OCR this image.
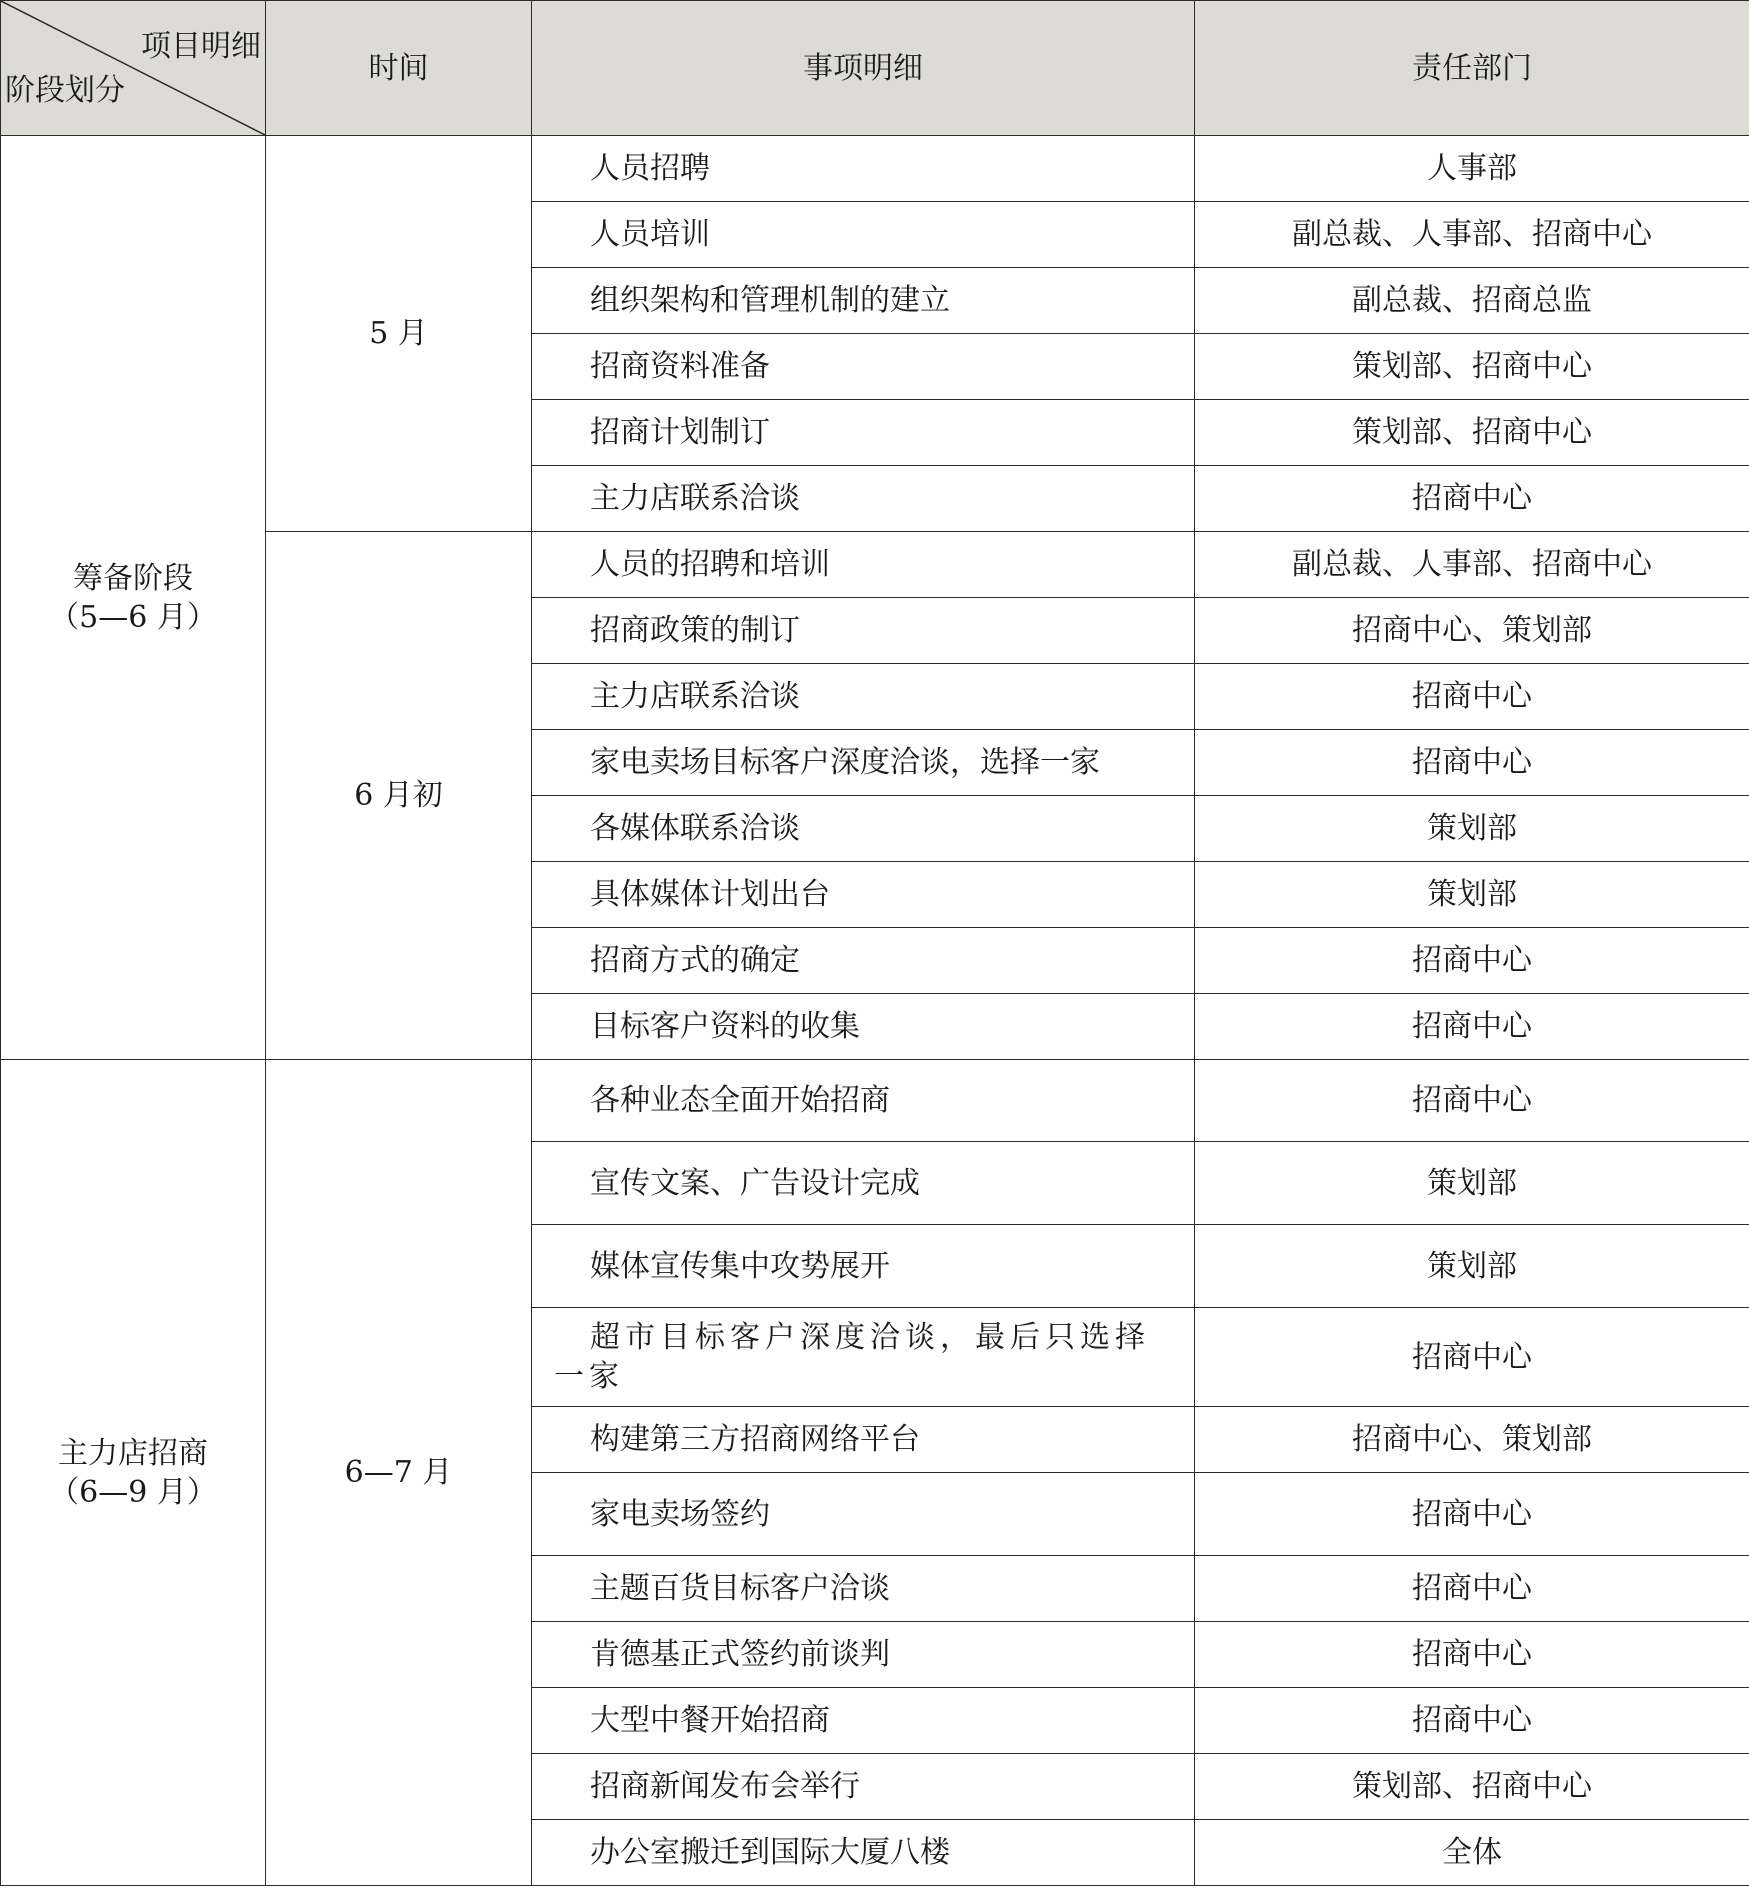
项目明细
阶段划分	时间	事项明细	责任部门

筹备阶段
（5—6 月）	5 月	人员招聘	人事部
		人员培训	副总裁、人事部、招商中心
		组织架构和管理机制的建立	副总裁、招商总监
		招商资料准备	策划部、招商中心
		招商计划制订	策划部、招商中心
		主力店联系洽谈	招商中心
	6 月初	人员的招聘和培训	副总裁、人事部、招商中心
		招商政策的制订	招商中心、策划部
		主力店联系洽谈	招商中心
		家电卖场目标客户深度洽谈，选择一家	招商中心
		各媒体联系洽谈	策划部
		具体媒体计划出台	策划部
		招商方式的确定	招商中心
		目标客户资料的收集	招商中心

主力店招商
（6—9 月）	6—7 月	各种业态全面开始招商	招商中心
		宣传文案、广告设计完成	策划部
		媒体宣传集中攻势展开	策划部
		超市目标客户深度洽谈，最后只选择一家	招商中心
		构建第三方招商网络平台	招商中心、策划部
		家电卖场签约	招商中心
		主题百货目标客户洽谈	招商中心
		肯德基正式签约前谈判	招商中心
		大型中餐开始招商	招商中心
		招商新闻发布会举行	策划部、招商中心
		办公室搬迁到国际大厦八楼	全体
